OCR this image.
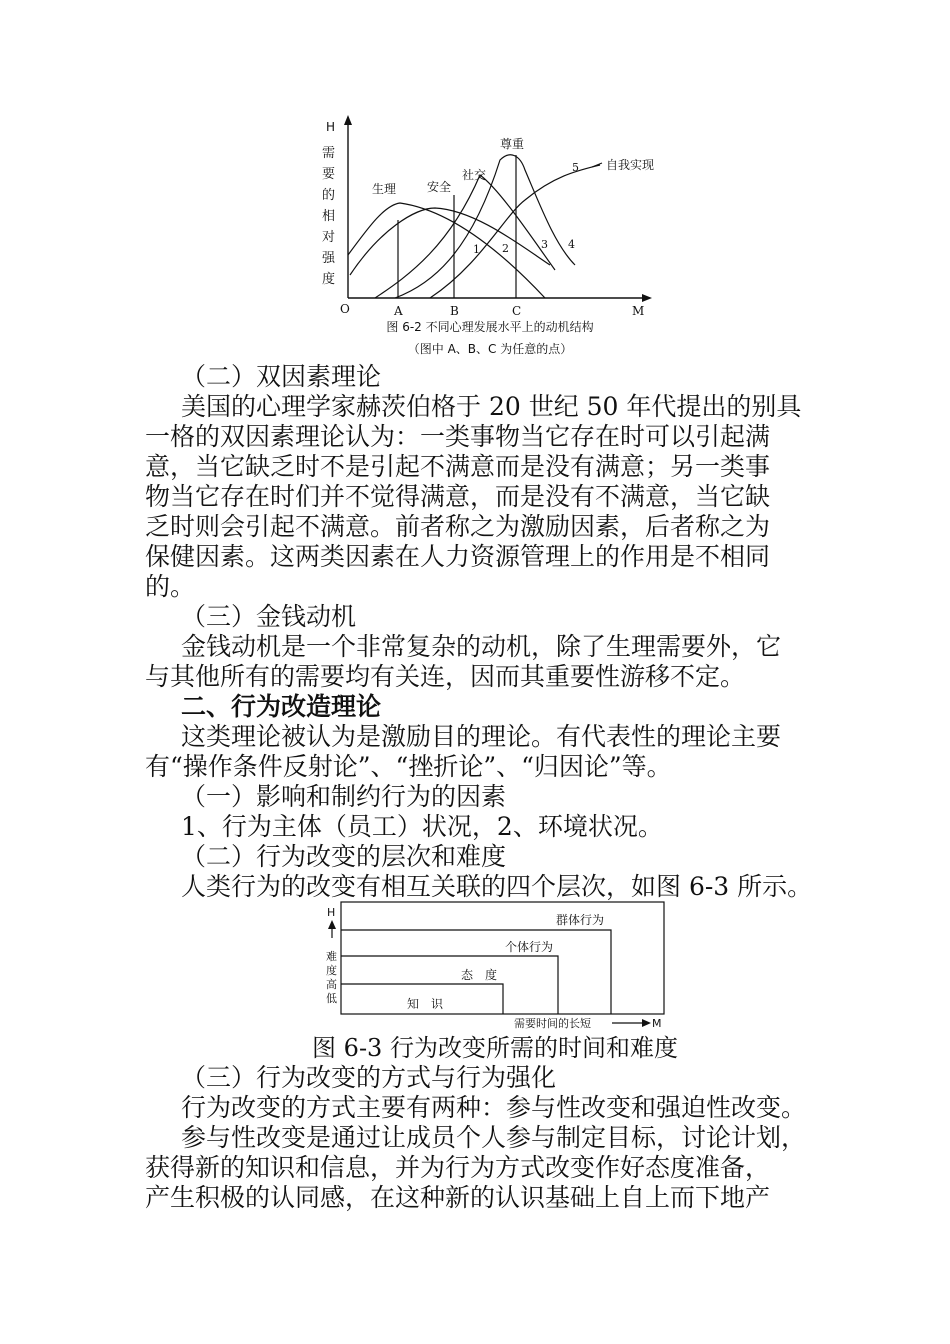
H
需
要
的
相
对
强
度
生理	安全
社交
尊重
自我实现
1 2	3 4
5
O	A	B	C	M
图 6-2 不同心理发展水平上的动机结构
（图中 A、B、C 为任意的点）
（二）双因素理论
美国的心理学家赫茨伯格于 20 世纪 50 年代提出的别具
一格的双因素理论认为：一类事物当它存在时可以引起满
意，当它缺乏时不是引起不满意而是没有满意；另一类事
物当它存在时们并不觉得满意，而是没有不满意，当它缺
乏时则会引起不满意。前者称之为激励因素，后者称之为
保健因素。这两类因素在人力资源管理上的作用是不相同
的。
（三）金钱动机
金钱动机是一个非常复杂的动机，除了生理需要外，它
与其他所有的需要均有关连，因而其重要性游移不定。
二、行为改造理论
这类理论被认为是激励目的理论。有代表性的理论主要
有“操作条件反射论”、“挫折论”、“归因论”等。
（一）影响和制约行为的因素
1、行为主体（员工）状况，2、环境状况。
（二）行为改变的层次和难度
人类行为的改变有相互关联的四个层次，如图 6-3 所示。
H
难
度
高
低
群体行为
个体行为
态　度
知　识
需要时间的长短	M
图 6-3 行为改变所需的时间和难度
（三）行为改变的方式与行为强化
行为改变的方式主要有两种：参与性改变和强迫性改变。
参与性改变是通过让成员个人参与制定目标，讨论计划，
获得新的知识和信息，并为行为方式改变作好态度准备，
产生积极的认同感，在这种新的认识基础上自上而下地产
